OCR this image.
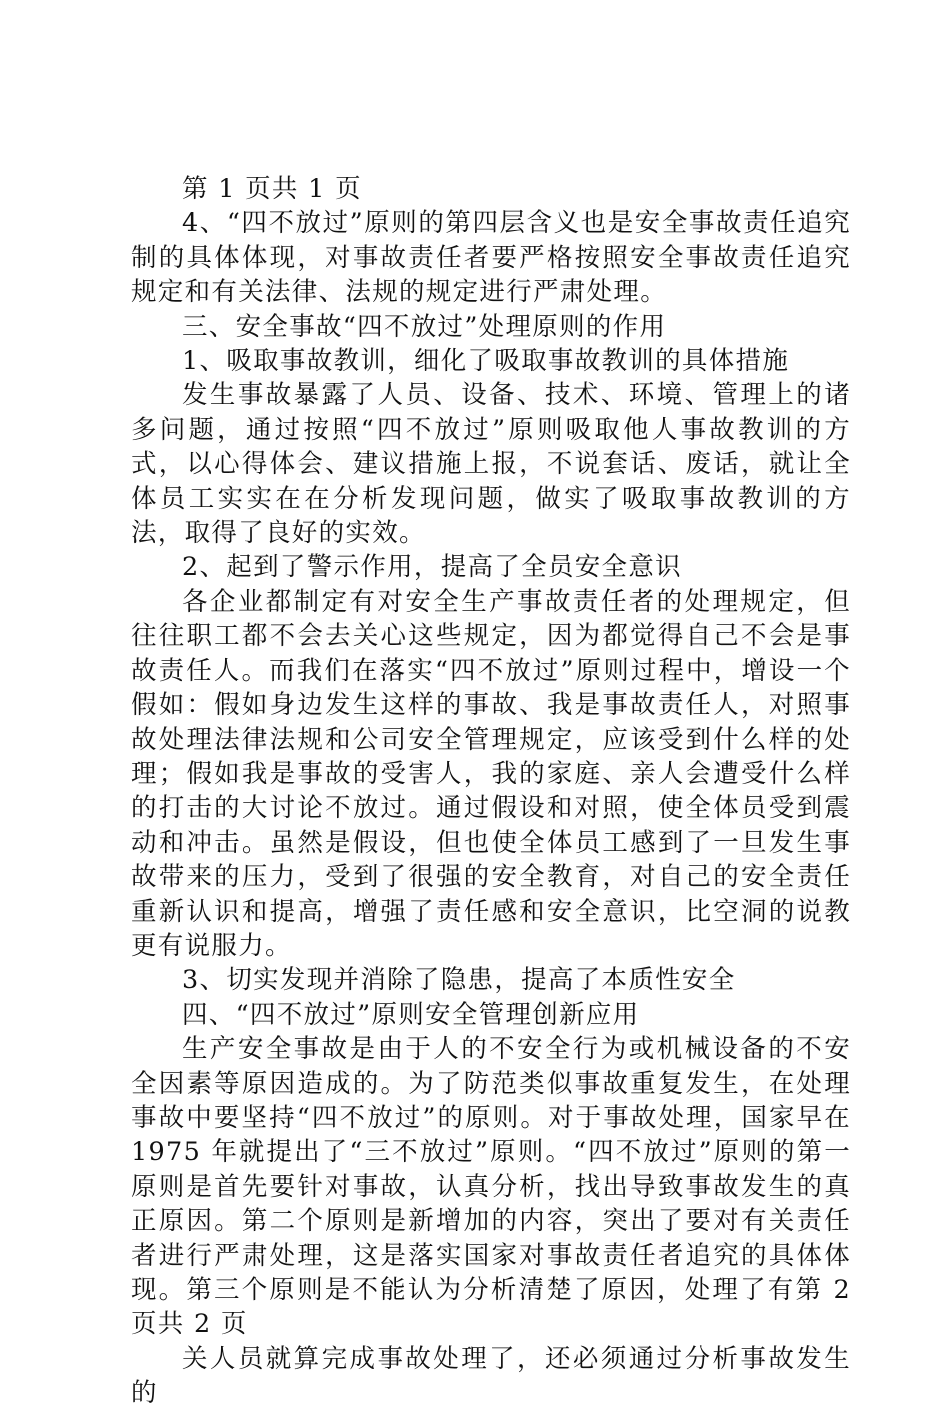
第 1 页共 1 页

4、“四不放过”原则的第四层含义也是安全事故责任追究制的具体体现，对事故责任者要严格按照安全事故责任追究规定和有关法律、法规的规定进行严肃处理。

三、安全事故“四不放过”处理原则的作用

1、吸取事故教训，细化了吸取事故教训的具体措施

发生事故暴露了人员、设备、技术、环境、管理上的诸多问题，通过按照“四不放过”原则吸取他人事故教训的方式，以心得体会、建议措施上报，不说套话、废话，就让全体员工实实在在分析发现问题，做实了吸取事故教训的方法，取得了良好的实效。

2、起到了警示作用，提高了全员安全意识

各企业都制定有对安全生产事故责任者的处理规定，但往往职工都不会去关心这些规定，因为都觉得自己不会是事故责任人。而我们在落实“四不放过”原则过程中，增设一个假如：假如身边发生这样的事故、我是事故责任人，对照事故处理法律法规和公司安全管理规定，应该受到什么样的处理；假如我是事故的受害人，我的家庭、亲人会遭受什么样的打击的大讨论不放过。通过假设和对照，使全体员受到震动和冲击。虽然是假设，但也使全体员工感到了一旦发生事故带来的压力，受到了很强的安全教育，对自己的安全责任重新认识和提高，增强了责任感和安全意识，比空洞的说教更有说服力。

3、切实发现并消除了隐患，提高了本质性安全

四、“四不放过”原则安全管理创新应用

生产安全事故是由于人的不安全行为或机械设备的不安全因素等原因造成的。为了防范类似事故重复发生，在处理事故中要坚持“四不放过”的原则。对于事故处理，国家早在 1975 年就提出了“三不放过”原则。“四不放过”原则的第一原则是首先要针对事故，认真分析，找出导致事故发生的真正原因。第二个原则是新增加的内容，突出了要对有关责任者进行严肃处理，这是落实国家对事故责任者追究的具体体现。第三个原则是不能认为分析清楚了原因，处理了有第 2 页共 2 页

关人员就算完成事故处理了，还必须通过分析事故发生的
